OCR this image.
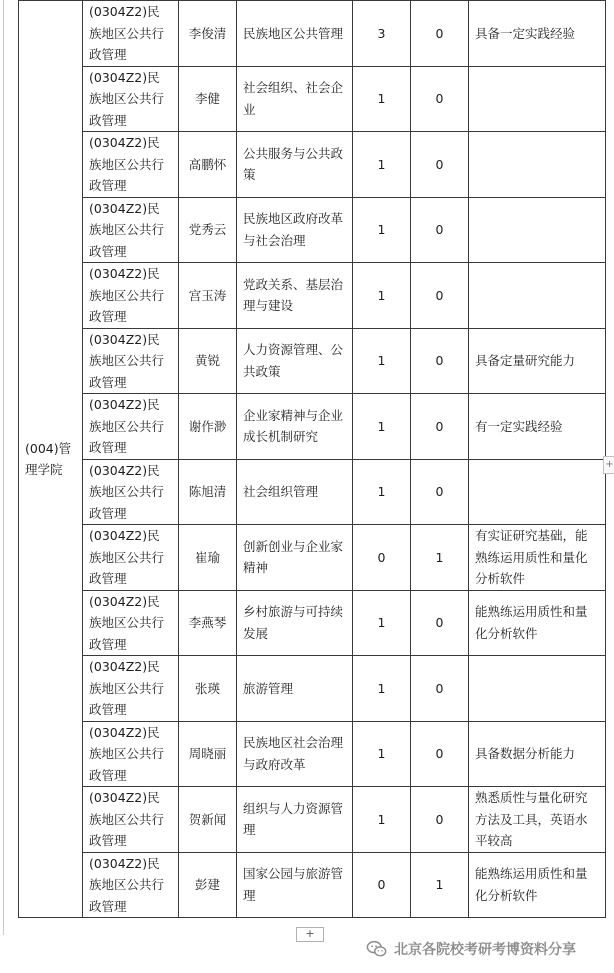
(004)管理学院	(0304Z2)民族地区公共行政管理	李俊清	民族地区公共管理	3	0	具备一定实践经验
	(0304Z2)民族地区公共行政管理	李健	社会组织、社会企业	1	0	
	(0304Z2)民族地区公共行政管理	高鹏怀	公共服务与公共政策	1	0	
	(0304Z2)民族地区公共行政管理	党秀云	民族地区政府改革与社会治理	1	0	
	(0304Z2)民族地区公共行政管理	宫玉涛	党政关系、基层治理与建设	1	0	
	(0304Z2)民族地区公共行政管理	黄锐	人力资源管理、公共政策	1	0	具备定量研究能力
	(0304Z2)民族地区公共行政管理	谢作渺	企业家精神与企业成长机制研究	1	0	有一定实践经验
	(0304Z2)民族地区公共行政管理	陈旭清	社会组织管理	1	0	
	(0304Z2)民族地区公共行政管理	崔瑜	创新创业与企业家精神	0	1	有实证研究基础，能熟练运用质性和量化分析软件
	(0304Z2)民族地区公共行政管理	李燕琴	乡村旅游与可持续发展	1	0	能熟练运用质性和量化分析软件
	(0304Z2)民族地区公共行政管理	张瑛	旅游管理	1	0	
	(0304Z2)民族地区公共行政管理	周晓丽	民族地区社会治理与政府改革	1	0	具备数据分析能力
	(0304Z2)民族地区公共行政管理	贺新闻	组织与人力资源管理	1	0	熟悉质性与量化研究方法及工具，英语水平较高
	(0304Z2)民族地区公共行政管理	彭建	国家公园与旅游管理	0	1	能熟练运用质性和量化分析软件
+
+
北京各院校考研考博资料分享
